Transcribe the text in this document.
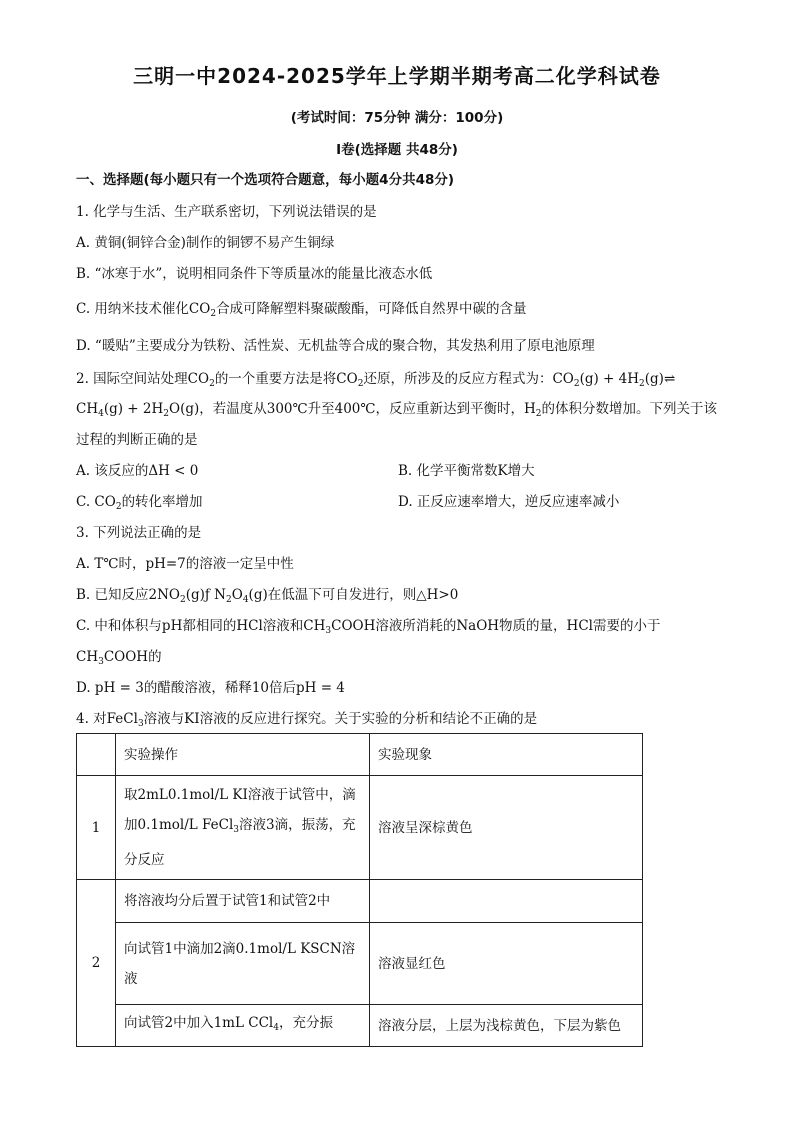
三明一中2024-2025学年上学期半期考高二化学科试卷
(考试时间：75分钟 满分：100分)
Ⅰ卷(选择题 共48分)
一、选择题(每小题只有一个选项符合题意，每小题4分共48分)
1. 化学与生活、生产联系密切，下列说法错误的是
A. 黄铜(铜锌合金)制作的铜锣不易产生铜绿
B. “冰寒于水”，说明相同条件下等质量冰的能量比液态水低
C. 用纳米技术催化$CO_2$合成可降解塑料聚碳酸酯，可降低自然界中碳的含量
D. “暖贴”主要成分为铁粉、活性炭、无机盐等合成的聚合物，其发热利用了原电池原理
2. 国际空间站处理$CO_2$的一个重要方法是将$CO_2$还原，所涉及的反应方程式为：$CO_2(g)$ + $4H_2(g)\rightleftharpoons$
$CH_4(g) + 2H_2O(g)$，若温度从300℃升至400℃，反应重新达到平衡时，$H_2$的体积分数增加。下列关于该
过程的判断正确的是
A. 该反应的ΔH < 0	B. 化学平衡常数K增大
C. $CO_2$的转化率增加	D. 正反应速率增大，逆反应速率减小
3. 下列说法正确的是
A. T℃时，pH=7的溶液一定呈中性
B. 已知反应$2NO_2(g)ƒ$ $N_2O_4(g)$在低温下可自发进行，则△H>0
C. 中和体积与pH都相同的HCl溶液和$CH_3COOH$溶液所消耗的NaOH物质的量，HCl需要的小于
$CH_3COOH$的
D. pH = 3的醋酸溶液，稀释10倍后pH = 4
4. 对FeCl$_3$溶液与KI溶液的反应进行探究。关于实验的分析和结论不正确的是
	实验操作	实验现象
1	取2mL0.1mol/L KI溶液于试管中，滴加0.1mol/L FeCl$_3$溶液3滴，振荡，充分反应	溶液呈深棕黄色
2	将溶液均分后置于试管1和试管2中	
	向试管1中滴加2滴0.1mol/L KSCN溶液	溶液显红色
	向试管2中加入1mL CCl$_4$，充分振	溶液分层，上层为浅棕黄色，下层为紫色
